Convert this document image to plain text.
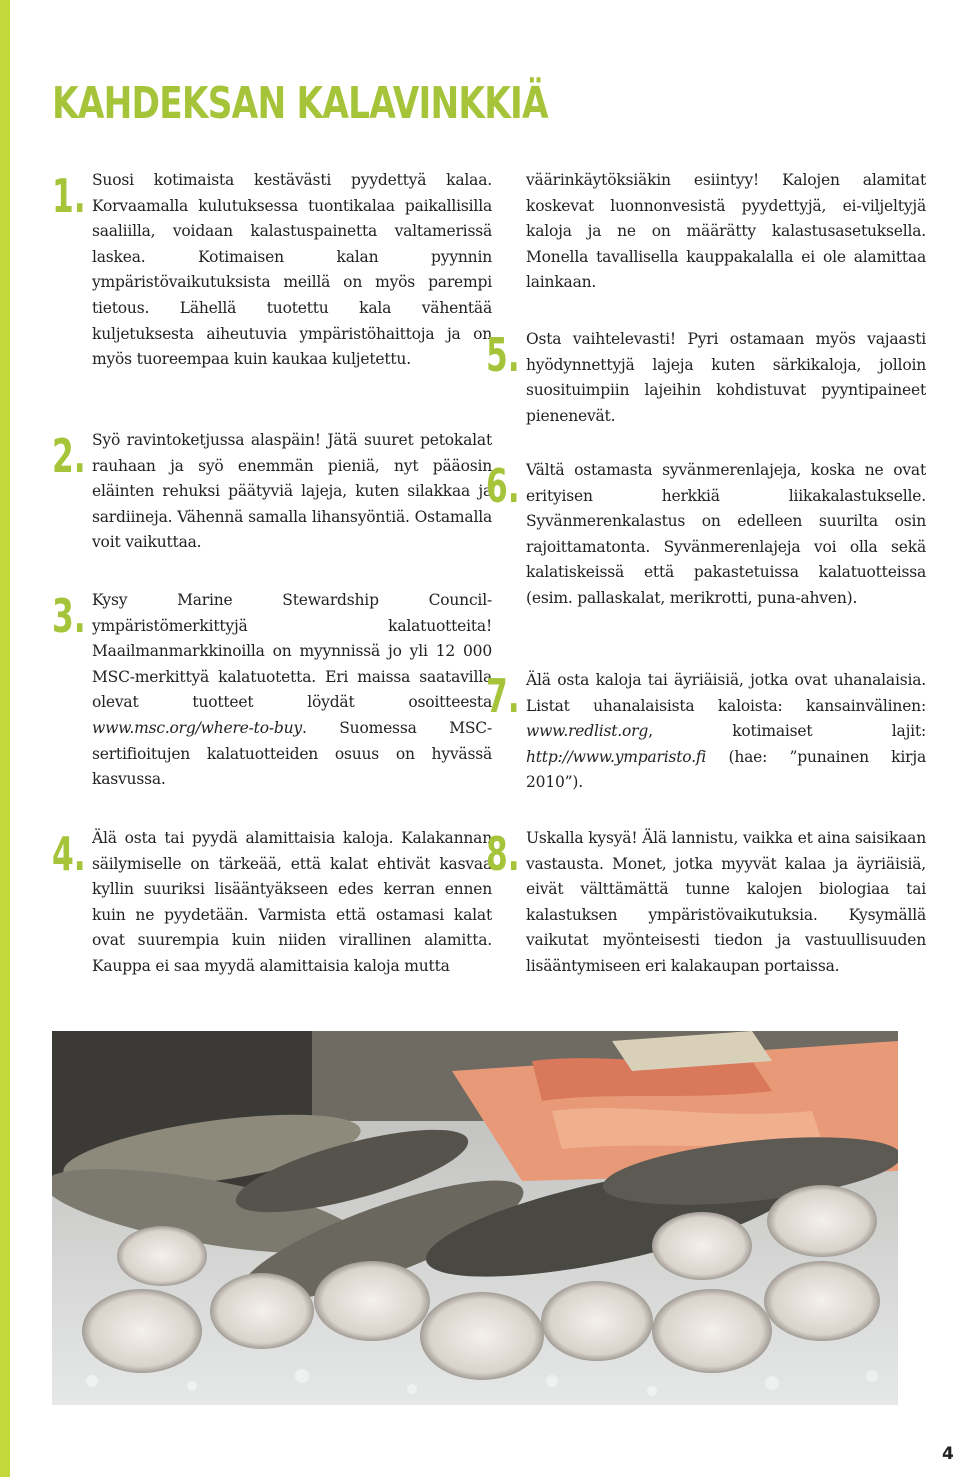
KAHDEKSAN KALAVINKKIÄ
1. Suosi kotimaista kestävästi pyydettyä kalaa. Korvaamalla kulutuksessa tuontikalaa paikallisilla saaliilla, voidaan kalastuspainetta valtamerissä laskea. Kotimaisen kalan pyynnin ympäristövaikutuksista meillä on myös parempi tietous. Lähellä tuotettu kala vähentää kuljetuksesta aiheutuvia ympäristöhaittoja ja on myös tuoreempaa kuin kaukaa kuljetettu.

2. Syö ravintoketjussa alaspäin! Jätä suuret petokalat rauhaan ja syö enemmän pieniä, nyt pääosin eläinten rehuksi päätyviä lajeja, kuten silakkaa ja sardiineja. Vähennä samalla lihansyöntiä. Ostamalla voit vaikuttaa.

3. Kysy Marine Stewardship Council-ympäristömerkittyjä kalatuotteita! Maailmanmarkkinoilla on myynnissä jo yli 12 000 MSC-merkittyä kalatuotetta. Eri maissa saatavilla olevat tuotteet löydät osoitteesta www.msc.org/where-to-buy. Suomessa MSC-sertifioitujen kalatuotteiden osuus on hyvässä kasvussa.

4. Älä osta tai pyydä alamittaisia kaloja. Kalakannan säilymiselle on tärkeää, että kalat ehtivät kasvaa kyllin suuriksi lisääntyäkseen edes kerran ennen kuin ne pyydetään. Varmista että ostamasi kalat ovat suurempia kuin niiden virallinen alamitta. Kauppa ei saa myydä alamittaisia kaloja mutta

väärinkäytöksiäkin esiintyy! Kalojen alamitat koskevat luonnonvesistä pyydettyjä, ei-viljeltyjä kaloja ja ne on määrätty kalastusasetuksella. Monella tavallisella kauppakalalla ei ole alamittaa lainkaan.

5. Osta vaihtelevasti! Pyri ostamaan myös vajaasti hyödynnettyjä lajeja kuten särkikaloja, jolloin suosituimpiin lajeihin kohdistuvat pyyntipaineet pienenevät.

6. Vältä ostamasta syvänmerenlajeja, koska ne ovat erityisen herkkiä liikakalastukselle. Syvänmerenkalastus on edelleen suurilta osin rajoittamatonta. Syvänmerenlajeja voi olla sekä kalatiskeissä että pakastetuissa kalatuotteissa (esim. pallaskalat, merikrotti, puna-ahven).

7. Älä osta kaloja tai äyriäisiä, jotka ovat uhanalaisia. Listat uhanalaisista kaloista: kansainvälinen: www.redlist.org, kotimaiset lajit: http://www.ymparisto.fi (hae: ”punainen kirja 2010”).

8. Uskalla kysyä! Älä lannistu, vaikka et aina saisikaan vastausta. Monet, jotka myyvät kalaa ja äyriäisiä, eivät välttämättä tunne kalojen biologiaa tai kalastuksen ympäristövaikutuksia. Kysymällä vaikutat myönteisesti tiedon ja vastuullisuuden lisääntymiseen eri kalakaupan portaissa.

4
